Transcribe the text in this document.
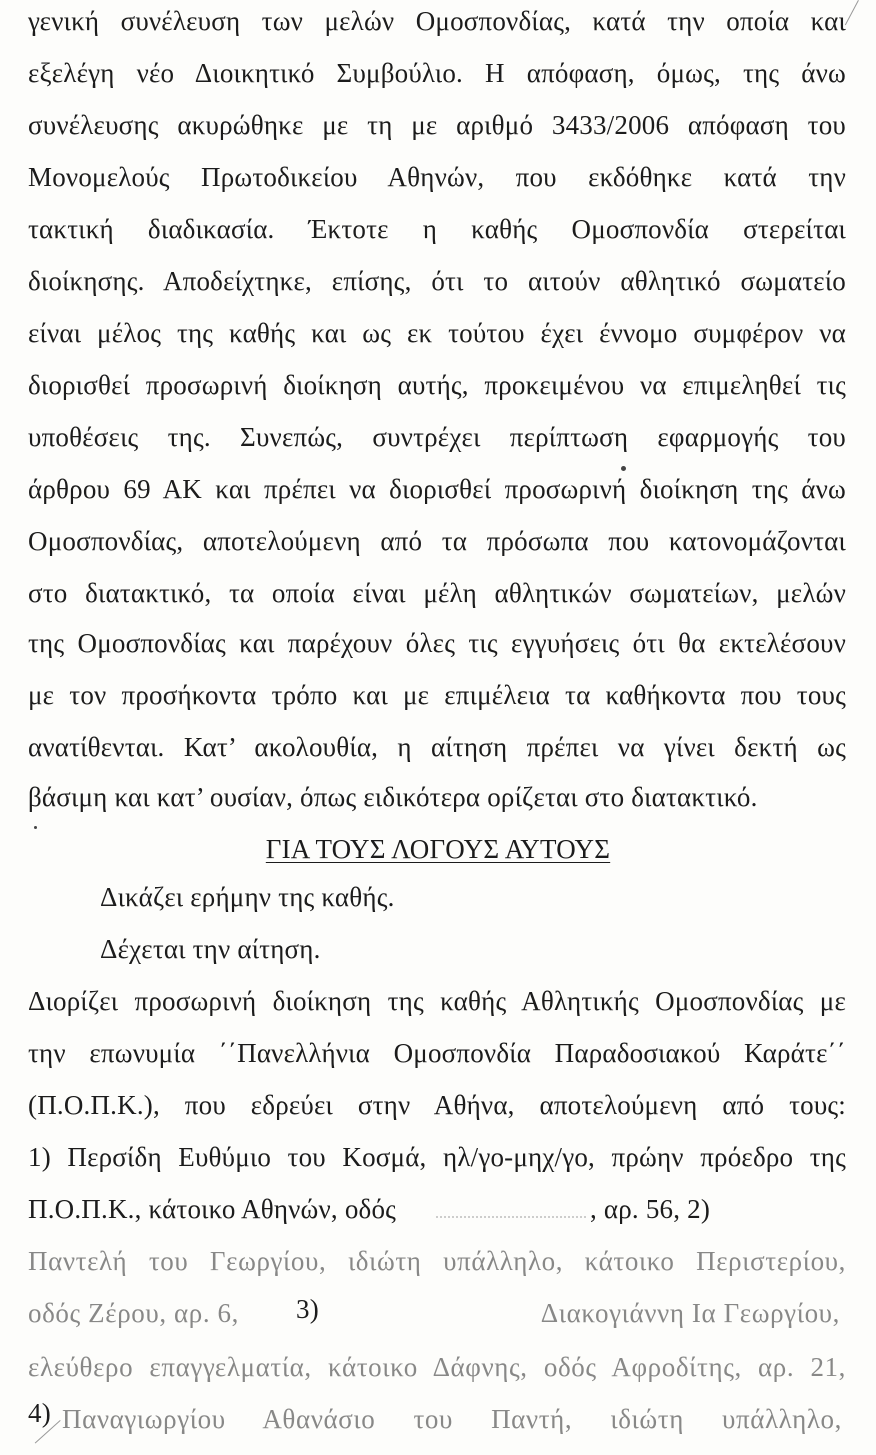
γενική συνέλευση των μελών Ομοσπονδίας, κατά την οποία και
εξελέγη νέο Διοικητικό Συμβούλιο. Η απόφαση, όμως, της άνω
συνέλευσης ακυρώθηκε με τη με αριθμό 3433/2006 απόφαση του
Μονομελούς Πρωτοδικείου Αθηνών, που εκδόθηκε κατά την
τακτική διαδικασία. Έκτοτε η καθής Ομοσπονδία στερείται
διοίκησης. Αποδείχτηκε, επίσης, ότι το αιτούν αθλητικό σωματείο
είναι μέλος της καθής και ως εκ τούτου έχει έννομο συμφέρον να
διορισθεί προσωρινή διοίκηση αυτής, προκειμένου να επιμεληθεί τις
υποθέσεις της. Συνεπώς, συντρέχει περίπτωση εφαρμογής του
άρθρου 69 ΑΚ και πρέπει να διορισθεί προσωρινή διοίκηση της άνω
Ομοσπονδίας, αποτελούμενη από τα πρόσωπα που κατονομάζονται
στο διατακτικό, τα οποία είναι μέλη αθλητικών σωματείων, μελών
της Ομοσπονδίας και παρέχουν όλες τις εγγυήσεις ότι θα εκτελέσουν
με τον προσήκοντα τρόπο και με επιμέλεια τα καθήκοντα που τους
ανατίθενται. Κατ’ ακολουθία, η αίτηση πρέπει να γίνει δεκτή ως
βάσιμη και κατ’ ουσίαν, όπως ειδικότερα ορίζεται στο διατακτικό.
ΓΙΑ ΤΟΥΣ ΛΟΓΟΥΣ ΑΥΤΟΥΣ
Δικάζει ερήμην της καθής.
Δέχεται την αίτηση.
Διορίζει προσωρινή διοίκηση της καθής Αθλητικής Ομοσπονδίας με
την επωνυμία ΄΄Πανελλήνια Ομοσπονδία Παραδοσιακού Καράτε΄΄
(Π.Ο.Π.Κ.), που εδρεύει στην Αθήνα, αποτελούμενη από τους:
1) Περσίδη Ευθύμιο του Κοσμά, ηλ/γο-μηχ/γο, πρώην πρόεδρο της
Π.Ο.Π.Κ., κάτοικο Αθηνών, οδός	, αρ. 56, 2)
Παντελή του Γεωργίου, ιδιώτη υπάλληλο, κάτοικο Περιστερίου,
οδός Ζέρου, αρ. 6, 3)	Διακογιάννη Ια Γεωργίου,
ελεύθερο επαγγελματία, κάτοικο Δάφνης, οδός Αφροδίτης, αρ. 21,
4) Παναγιωργίου Αθανάσιο του Παντή, ιδιώτη υπάλληλο,
